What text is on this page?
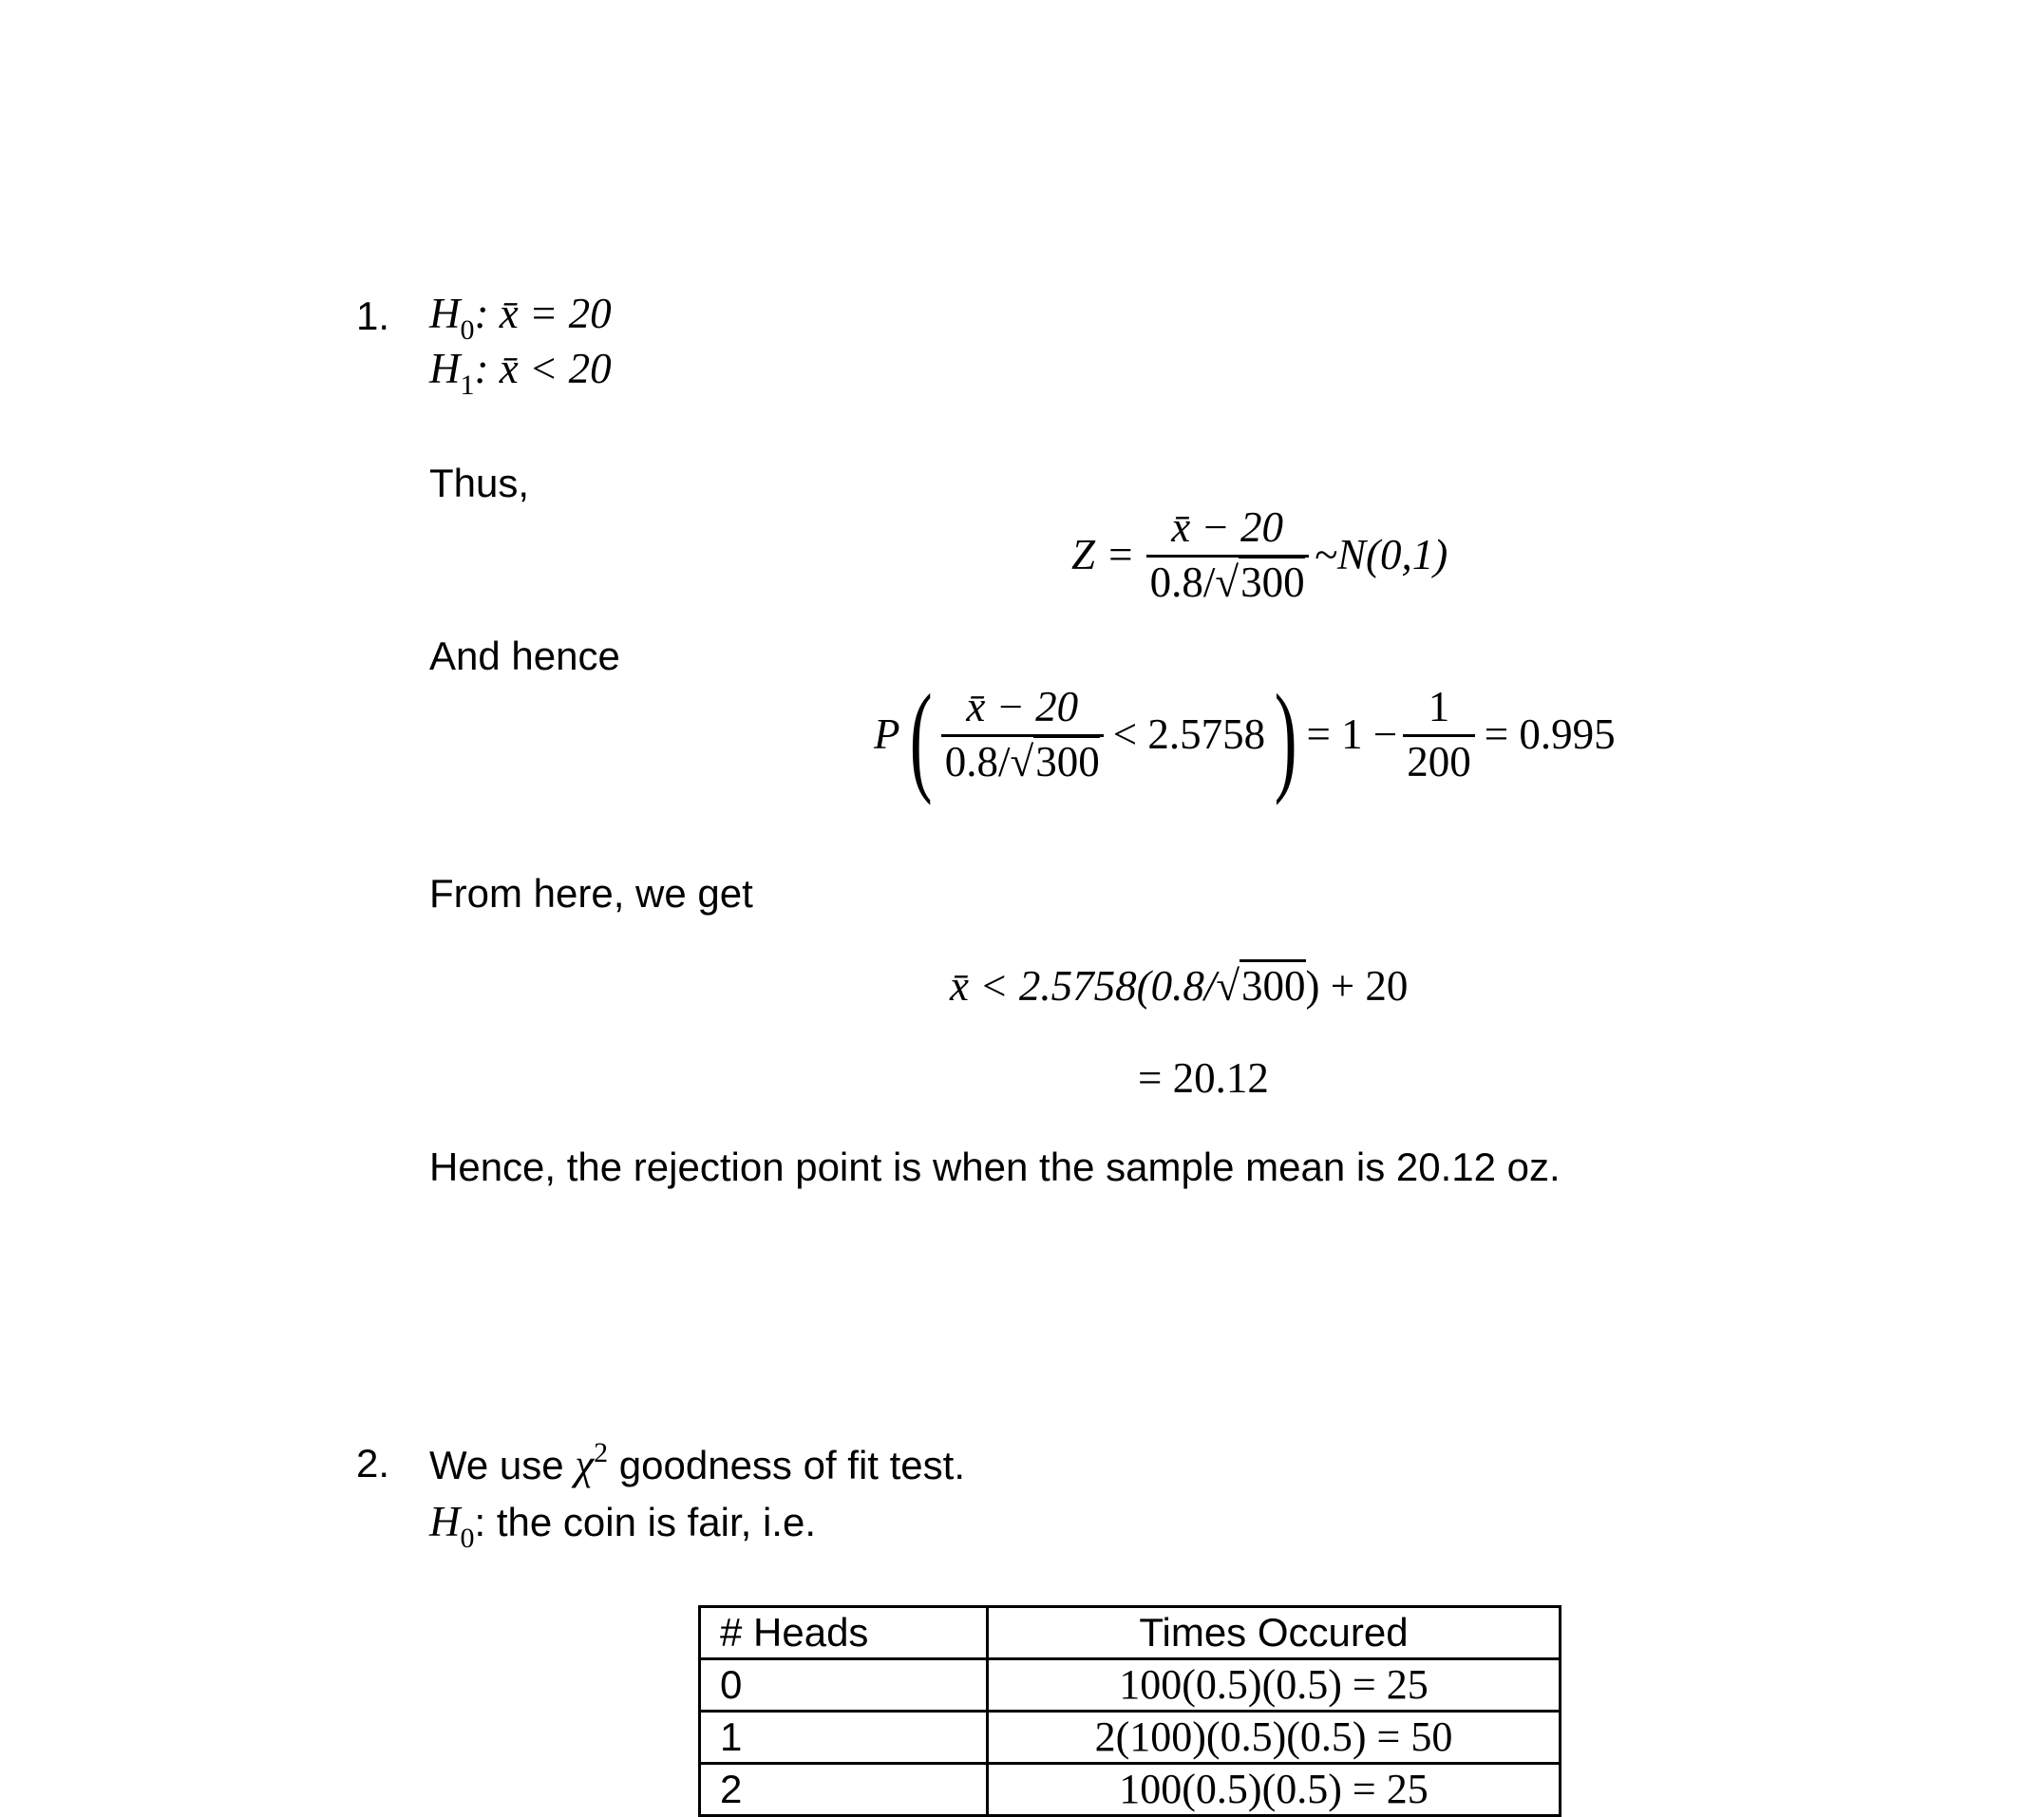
1. $H_0$: x̄ = 20
$H_1$: x̄ < 20
Thus,
$Z = \frac{x̄ - 20}{0.8/√300}$ ~N(0,1)
And hence
P ( $\frac{x̄ - 20}{0.8/√300} < 2.5758$ ) = $1 - \frac{1}{200} = 0.995$
From here, we get
x̄ < 2.5758(0.8/√300) + 20
= 20.12
Hence, the rejection point is when the sample mean is 20.12 oz.
2. We use $\chi^2$ goodness of fit test.
$H_0$: the coin is fair, i.e.
# Heads	Times Occured
0	100(0.5)(0.5) = 25
1	2(100)(0.5)(0.5) = 50
2	100(0.5)(0.5) = 25
